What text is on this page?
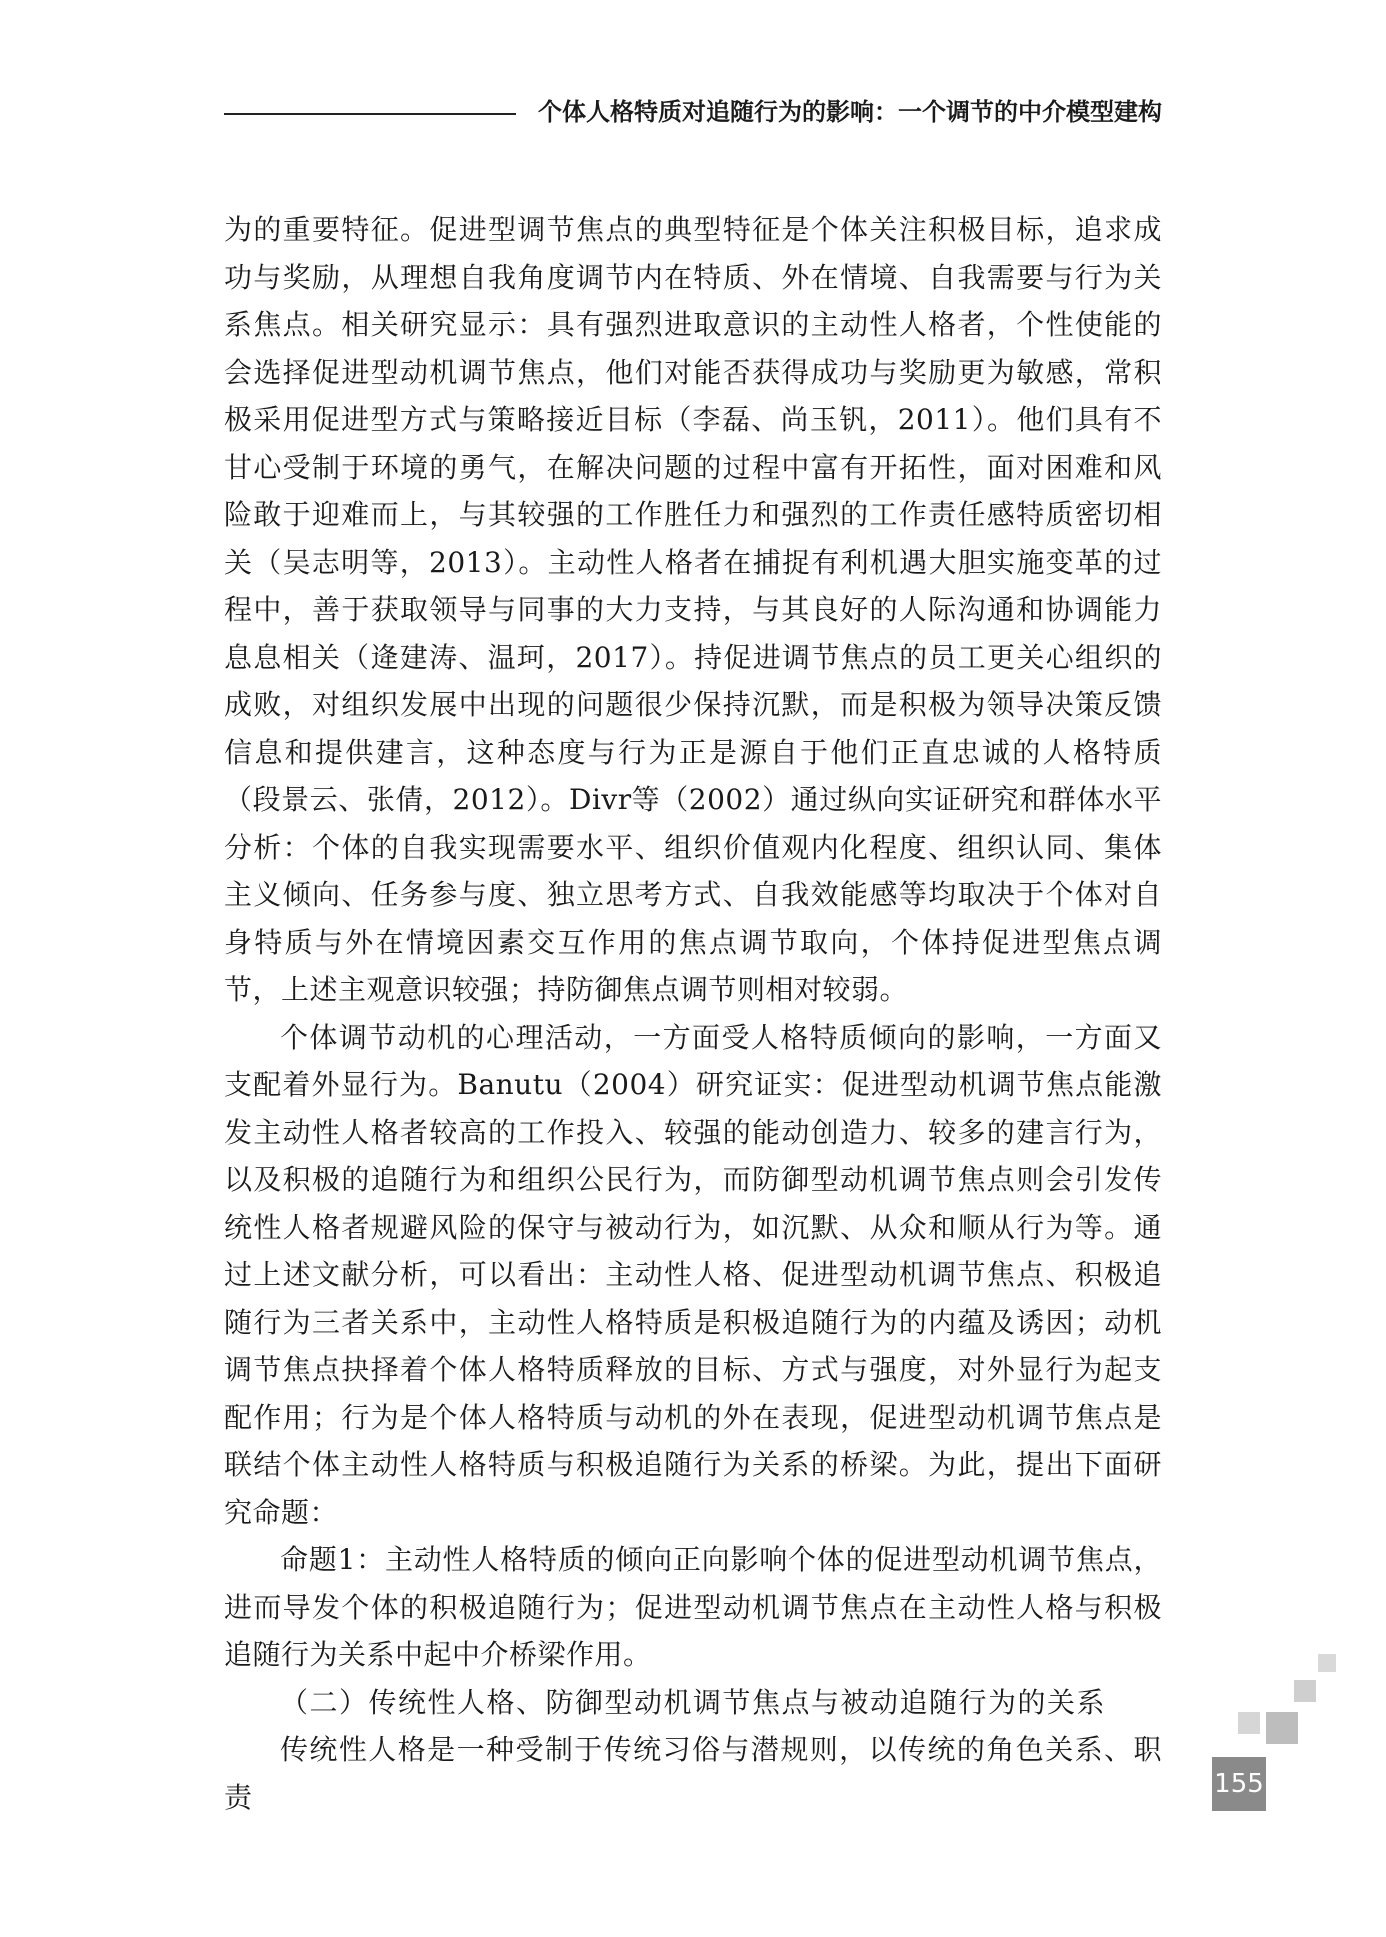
个体人格特质对追随行为的影响：一个调节的中介模型建构

为的重要特征。促进型调节焦点的典型特征是个体关注积极目标，追求成功与奖励，从理想自我角度调节内在特质、外在情境、自我需要与行为关系焦点。相关研究显示：具有强烈进取意识的主动性人格者，个性使能的会选择促进型动机调节焦点，他们对能否获得成功与奖励更为敏感，常积极采用促进型方式与策略接近目标（李磊、尚玉钒，2011）。他们具有不甘心受制于环境的勇气，在解决问题的过程中富有开拓性，面对困难和风险敢于迎难而上，与其较强的工作胜任力和强烈的工作责任感特质密切相关（吴志明等，2013）。主动性人格者在捕捉有利机遇大胆实施变革的过程中，善于获取领导与同事的大力支持，与其良好的人际沟通和协调能力息息相关（逄建涛、温珂，2017）。持促进调节焦点的员工更关心组织的成败，对组织发展中出现的问题很少保持沉默，而是积极为领导决策反馈信息和提供建言，这种态度与行为正是源自于他们正直忠诚的人格特质（段景云、张倩，2012）。Divr等（2002）通过纵向实证研究和群体水平分析：个体的自我实现需要水平、组织价值观内化程度、组织认同、集体主义倾向、任务参与度、独立思考方式、自我效能感等均取决于个体对自身特质与外在情境因素交互作用的焦点调节取向，个体持促进型焦点调节，上述主观意识较强；持防御焦点调节则相对较弱。

个体调节动机的心理活动，一方面受人格特质倾向的影响，一方面又支配着外显行为。Banutu（2004）研究证实：促进型动机调节焦点能激发主动性人格者较高的工作投入、较强的能动创造力、较多的建言行为，以及积极的追随行为和组织公民行为，而防御型动机调节焦点则会引发传统性人格者规避风险的保守与被动行为，如沉默、从众和顺从行为等。通过上述文献分析，可以看出：主动性人格、促进型动机调节焦点、积极追随行为三者关系中，主动性人格特质是积极追随行为的内蕴及诱因；动机调节焦点抉择着个体人格特质释放的目标、方式与强度，对外显行为起支配作用；行为是个体人格特质与动机的外在表现，促进型动机调节焦点是联结个体主动性人格特质与积极追随行为关系的桥梁。为此，提出下面研究命题：

命题1：主动性人格特质的倾向正向影响个体的促进型动机调节焦点，进而导发个体的积极追随行为；促进型动机调节焦点在主动性人格与积极追随行为关系中起中介桥梁作用。

（二）传统性人格、防御型动机调节焦点与被动追随行为的关系

传统性人格是一种受制于传统习俗与潜规则，以传统的角色关系、职责	155
